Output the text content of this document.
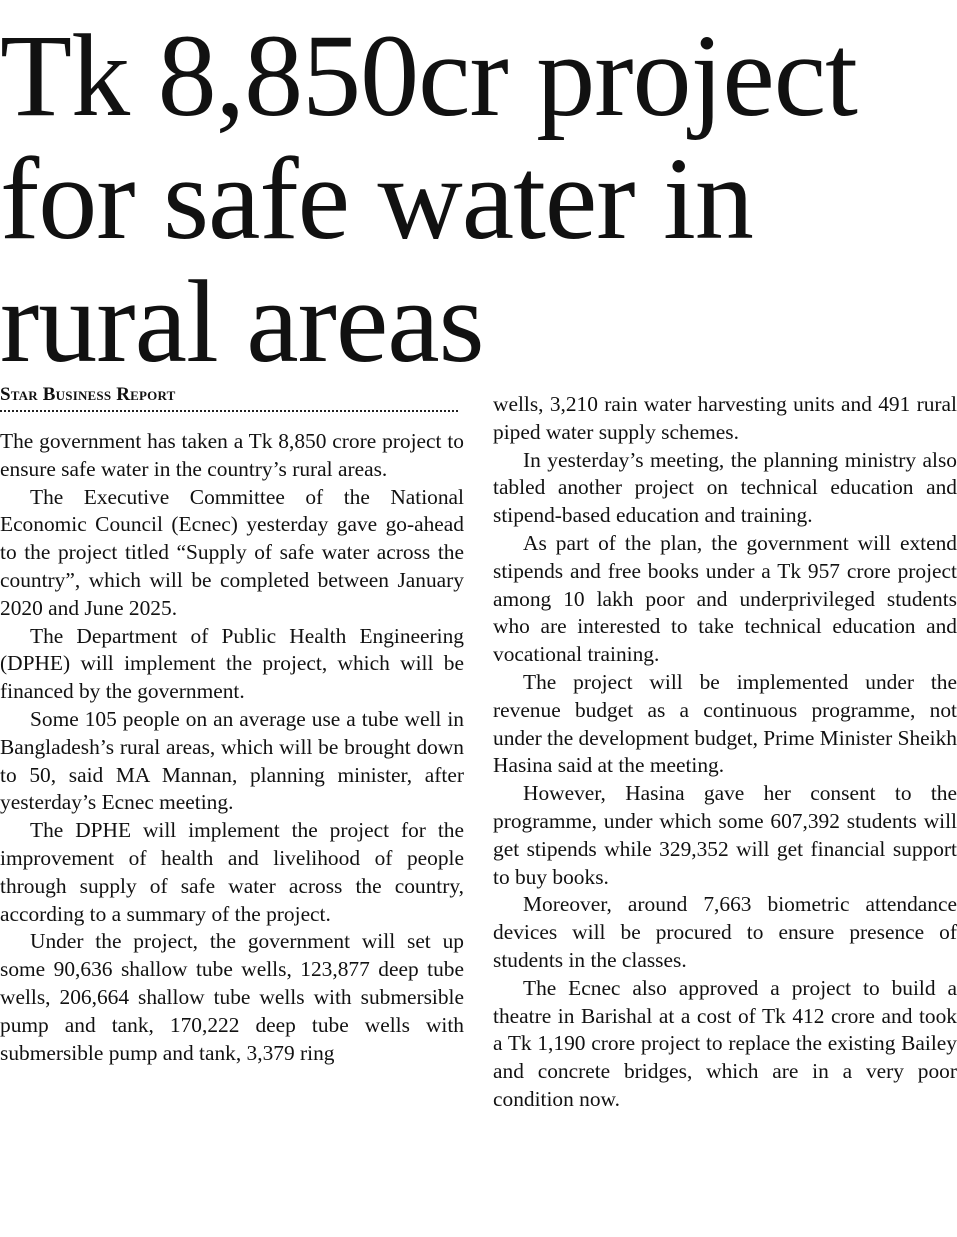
Tk 8,850cr project
for safe water in
rural areas
Star Business Report

The government has taken a Tk 8,850 crore project to ensure safe water in the country’s rural areas.

The Executive Committee of the National Economic Council (Ecnec) yesterday gave go-ahead to the project titled “Supply of safe water across the country”, which will be completed between January 2020 and June 2025.

The Department of Public Health Engineering (DPHE) will implement the project, which will be financed by the government.

Some 105 people on an average use a tube well in Bangladesh’s rural areas, which will be brought down to 50, said MA Mannan, planning minister, after yesterday’s Ecnec meeting.

The DPHE will implement the project for the improvement of health and livelihood of people through supply of safe water across the country, according to a summary of the project.

Under the project, the government will set up some 90,636 shallow tube wells, 123,877 deep tube wells, 206,664 shallow tube wells with submersible pump and tank, 170,222 deep tube wells with submersible pump and tank, 3,379 ring

wells, 3,210 rain water harvesting units and 491 rural piped water supply schemes.

In yesterday’s meeting, the planning ministry also tabled another project on technical education and stipend-based education and training.

As part of the plan, the government will extend stipends and free books under a Tk 957 crore project among 10 lakh poor and underprivileged students who are interested to take technical education and vocational training.

The project will be implemented under the revenue budget as a continuous programme, not under the development budget, Prime Minister Sheikh Hasina said at the meeting.

However, Hasina gave her consent to the programme, under which some 607,392 students will get stipends while 329,352 will get financial support to buy books.

Moreover, around 7,663 biometric attendance devices will be procured to ensure presence of students in the classes.

The Ecnec also approved a project to build a theatre in Barishal at a cost of Tk 412 crore and took a Tk 1,190 crore project to replace the existing Bailey and concrete bridges, which are in a very poor condition now.
